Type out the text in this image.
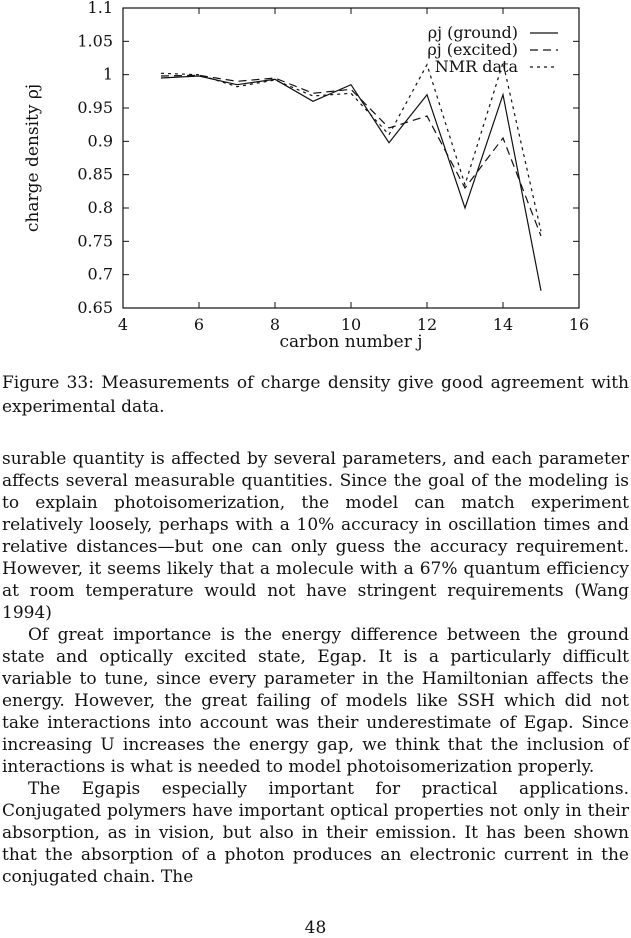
4	6	8	10	12	14	16
0.65
0.7
0.75
0.8
0.85
0.9
0.95
1
1.05
1.1
carbon number j
charge density ρj
ρj (ground)
ρj (excited)
NMR data

Figure 33: Measurements of charge density give good agreement with experimental data.

surable quantity is affected by several parameters, and each parameter affects several measurable quantities. Since the goal of the modeling is to explain photoisomerization, the model can match experiment relatively loosely, perhaps with a 10% accuracy in oscillation times and relative distances—but one can only guess the accuracy requirement. However, it seems likely that a molecule with a 67% quantum efficiency at room temperature would not have stringent requirements (Wang 1994)

Of great importance is the energy difference between the ground state and optically excited state, Egap. It is a particularly difficult variable to tune, since every parameter in the Hamiltonian affects the energy. However, the great failing of models like SSH which did not take interactions into account was their underestimate of Egap. Since increasing U increases the energy gap, we think that the inclusion of interactions is what is needed to model photoisomerization properly.

The Egapis especially important for practical applications. Conjugated polymers have important optical properties not only in their absorption, as in vision, but also in their emission. It has been shown that the absorption of a photon produces an electronic current in the conjugated chain. The

48
